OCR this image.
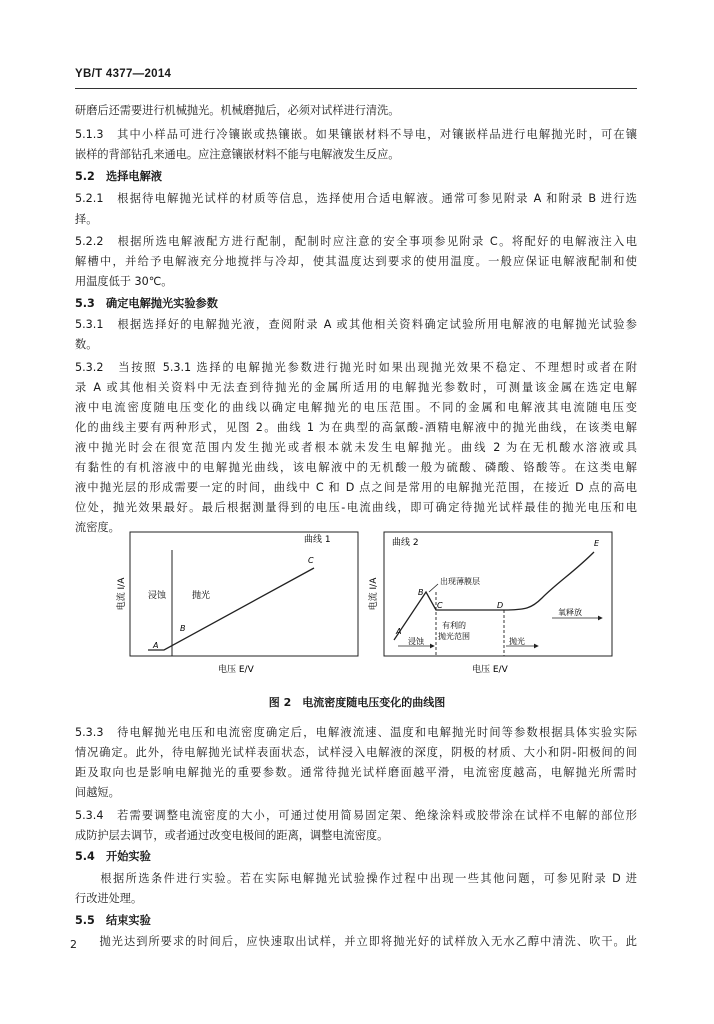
YB/T 4377—2014
研磨后还需要进行机械抛光。机械磨抛后，必须对试样进行清洗。
5.1.3　其中小样品可进行冷镶嵌或热镶嵌。如果镶嵌材料不导电，对镶嵌样品进行电解抛光时，可在镶
嵌样的背部钻孔来通电。应注意镶嵌材料不能与电解液发生反应。
5.2　选择电解液
5.2.1　根据待电解抛光试样的材质等信息，选择使用合适电解液。通常可参见附录 A 和附录 B 进行选
择。
5.2.2　根据所选电解液配方进行配制，配制时应注意的安全事项参见附录 C。将配好的电解液注入电
解槽中，并给予电解液充分地搅拌与冷却，使其温度达到要求的使用温度。一般应保证电解液配制和使
用温度低于 30℃。
5.3　确定电解抛光实验参数
5.3.1　根据选择好的电解抛光液，查阅附录 A 或其他相关资料确定试验所用电解液的电解抛光试验参
数。
5.3.2　当按照 5.3.1 选择的电解抛光参数进行抛光时如果出现抛光效果不稳定、不理想时或者在附
录 A 或其他相关资料中无法查到待抛光的金属所适用的电解抛光参数时，可测量该金属在选定电解
液中电流密度随电压变化的曲线以确定电解抛光的电压范围。不同的金属和电解液其电流随电压变
化的曲线主要有两种形式，见图 2。曲线 1 为在典型的高氯酸-酒精电解液中的抛光曲线，在该类电解
液中抛光时会在很宽范围内发生抛光或者根本就未发生电解抛光。曲线 2 为在无机酸水溶液或具
有黏性的有机溶液中的电解抛光曲线，该电解液中的无机酸一般为硫酸、磷酸、铬酸等。在这类电解
液中抛光层的形成需要一定的时间，曲线中 C 和 D 点之间是常用的电解抛光范围，在接近 D 点的高电
位处，抛光效果最好。最后根据测量得到的电压-电流曲线，即可确定待抛光试样最佳的抛光电压和电
流密度。
5.3.3　待电解抛光电压和电流密度确定后，电解液流速、温度和电解抛光时间等参数根据具体实验实际
情况确定。此外，待电解抛光试样表面状态，试样浸入电解液的深度，阴极的材质、大小和阴-阳极间的间
距及取向也是影响电解抛光的重要参数。通常待抛光试样磨面越平滑，电流密度越高，电解抛光所需时
间越短。
5.3.4　若需要调整电流密度的大小，可通过使用简易固定架、绝缘涂料或胶带涂在试样不电解的部位形
成防护层去调节，或者通过改变电极间的距离，调整电流密度。
5.4　开始实验
　　根据所选条件进行实验。若在实际电解抛光试验操作过程中出现一些其他问题，可参见附录 D 进
行改进处理。
5.5　结束实验
　　抛光达到所要求的时间后，应快速取出试样，并立即将抛光好的试样放入无水乙醇中清洗、吹干。此
电流 I/A
曲线 1
浸蚀	抛光
A
B
C
电压 E/V
电流 I/A
曲线 2
出现薄膜层
A
B
C	D
E
有利的
抛光范围
浸蚀	抛光
氧释放
电压 E/V
图 2　电流密度随电压变化的曲线图
2
